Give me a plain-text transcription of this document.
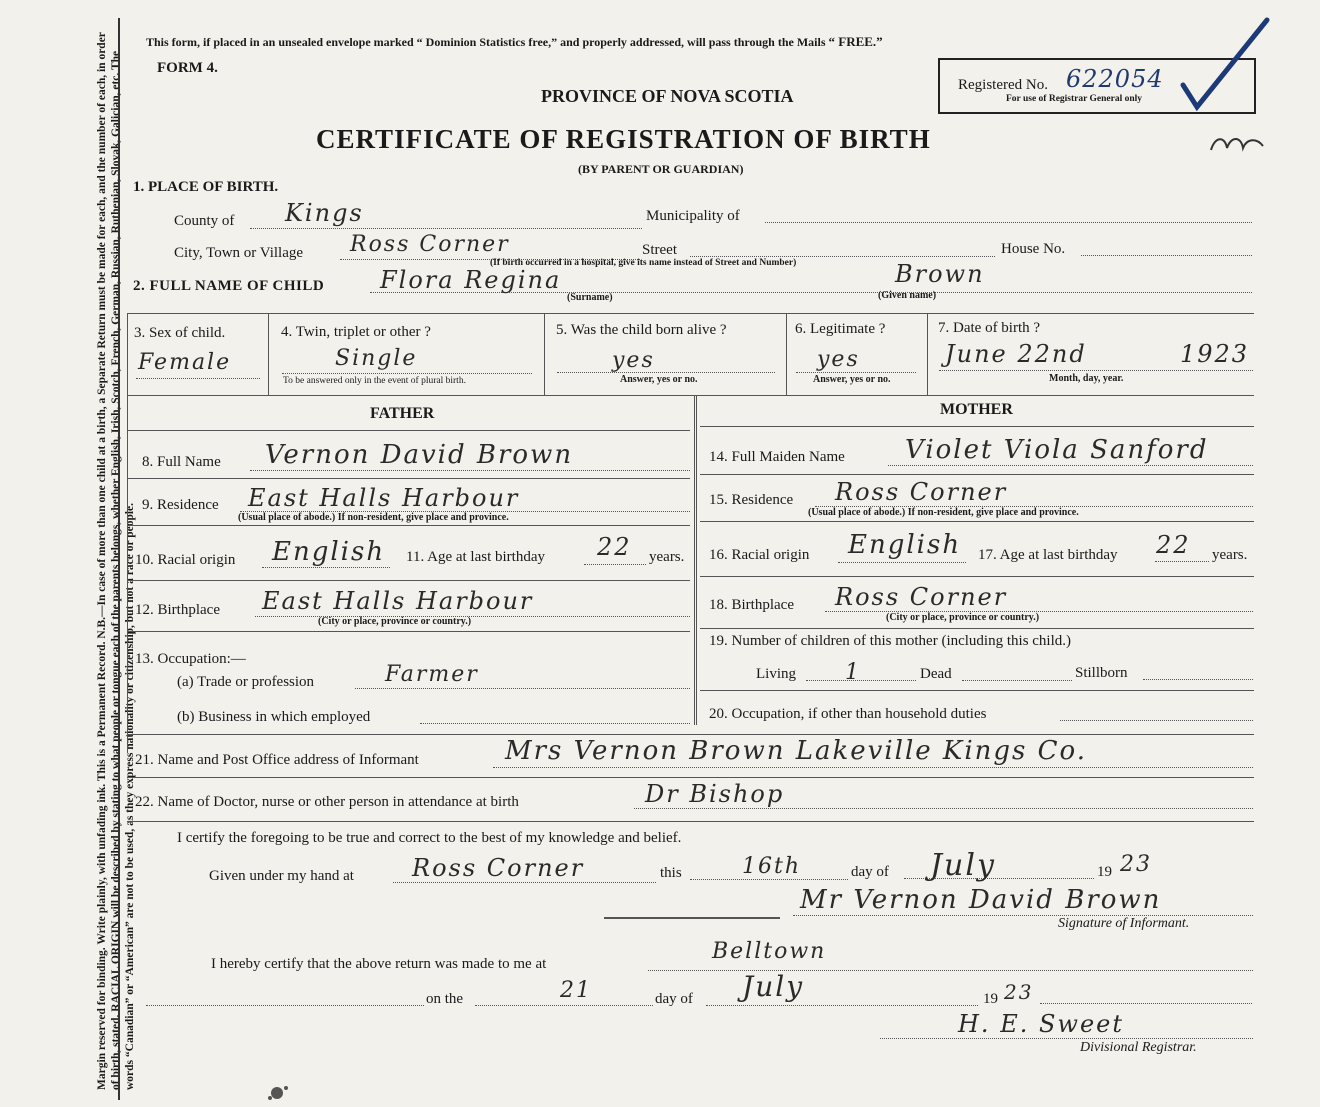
Margin reserved for binding. Write plainly, with unfading ink. This is a Permanent Record. N.B.—In case of more than one child at a birth, a Separate Return must be made for each, and the number of each, in order of birth, stated. RACIAL ORIGIN will be described by stating to what people or tongue each of the parents belongs, whether English, Irish, Scotch, French, German, Russian, Ruthenian, Slovak, Galician, etc. The words “Canadian” or “American” are not to be used, as they express nationality or citizenship, but not a race or people.
This form, if placed in an unsealed envelope marked “ Dominion Statistics free,” and properly addressed, will pass through the Mails “ FREE.”
FORM 4.
PROVINCE OF NOVA SCOTIA
CERTIFICATE OF REGISTRATION OF BIRTH
(BY PARENT OR GUARDIAN)
Registered No. 622054
For use of Registrar General only
1. PLACE OF BIRTH.
County of Kings	Municipality of
City, Town or Village Ross Corner	Street	House No.
(If birth occurred in a hospital, give its name instead of Street and Number)
2. FULL NAME OF CHILD Flora Regina	Brown
(Surname)	(Given name)
3. Sex of child.
Female
4. Twin, triplet or other ?
Single
To be answered only in the event of plural birth.
5. Was the child born alive ?
yes
Answer, yes or no.
6. Legitimate ?
yes
Answer, yes or no.
7. Date of birth ?
June 22nd	1923
Month, day, year.
FATHER	MOTHER
8. Full Name Vernon David Brown
9. Residence East Halls Harbour
(Usual place of abode.) If non-resident, give place and province.
10. Racial origin English 11. Age at last birthday 22 years.
12. Birthplace East Halls Harbour
(City or place, province or country.)
13. Occupation:—
(a) Trade or profession	Farmer
(b) Business in which employed
14. Full Maiden Name Violet Viola Sanford
15. Residence Ross Corner
(Usual place of abode.) If non-resident, give place and province.
16. Racial origin English 17. Age at last birthday 22 years.
18. Birthplace Ross Corner
(City or place, province or country.)
19. Number of children of this mother (including this child.)
Living 1	Dead	Stillborn
20. Occupation, if other than household duties
21. Name and Post Office address of Informant	Mrs Vernon Brown Lakeville Kings Co.
22. Name of Doctor, nurse or other person in attendance at birth	Dr Bishop
I certify the foregoing to be true and correct to the best of my knowledge and belief.
Given under my hand at Ross Corner	this	16th	day of July	19 23
Mr Vernon David Brown
Signature of Informant.
I hereby certify that the above return was made to me at	Belltown
on the	21	day of July	19 23
H. E. Sweet
Divisional Registrar.
